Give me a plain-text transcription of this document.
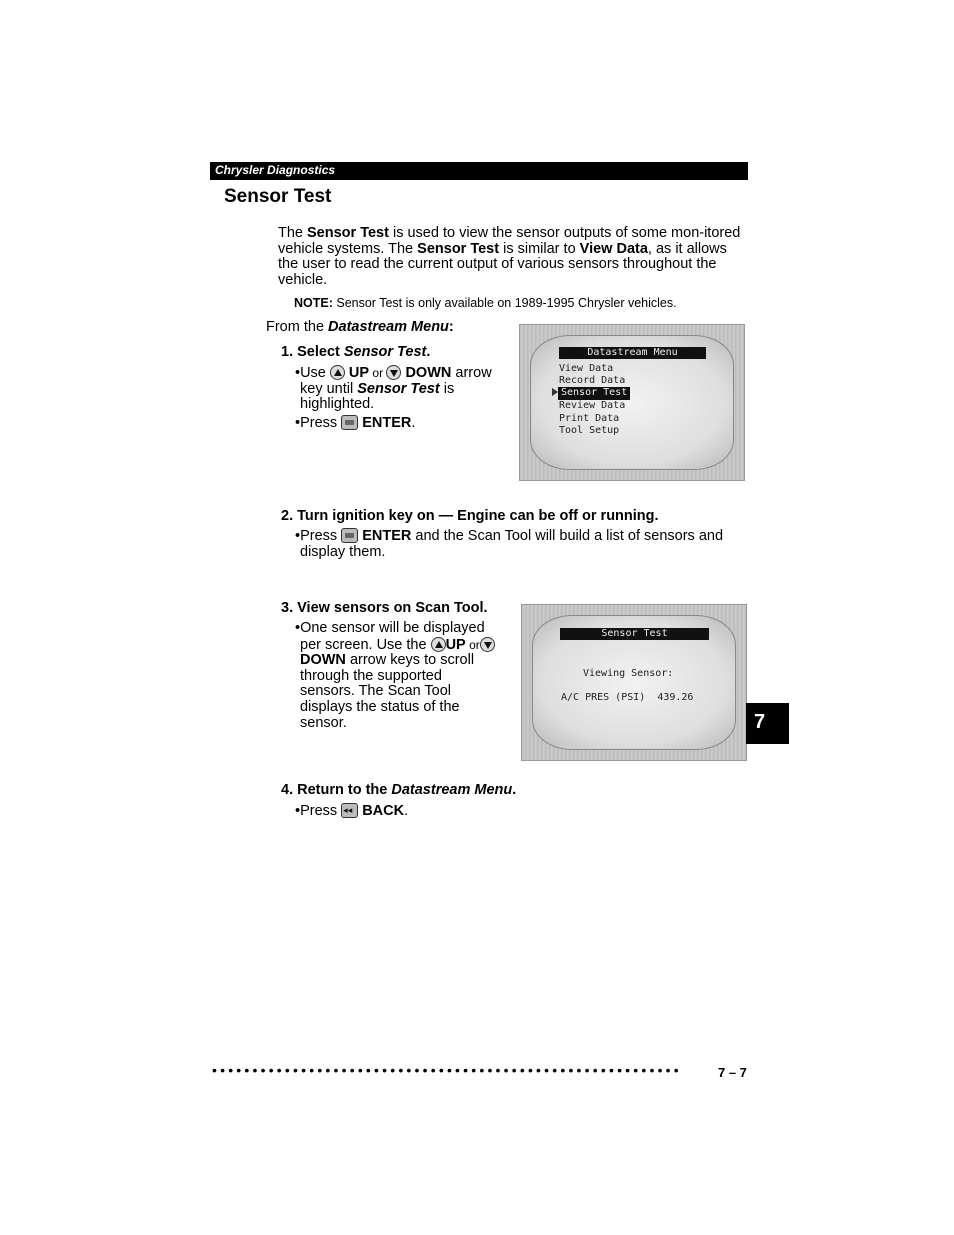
Chrysler Diagnostics
Sensor Test
The Sensor Test is used to view the sensor outputs of some mon-itored vehicle systems. The Sensor Test is similar to View Data, as it allows the user to read the current output of various sensors throughout the vehicle.
NOTE: Sensor Test is only available on 1989-1995 Chrysler vehicles.
From the Datastream Menu:
1. Select Sensor Test.
•Use  UP or  DOWN arrow
key until Sensor Test is
highlighted.
•Press  ENTER.
Datastream Menu
View Data
Record Data
Sensor Test
Review Data
Print Data
Tool Setup
2. Turn ignition key on — Engine can be off or running.
•Press  ENTER and the Scan Tool will build a list of sensors and
display them.
3. View sensors on Scan Tool.
•One sensor will be displayed
per screen. Use the UP or
DOWN arrow keys to scroll
through the supported
sensors. The Scan Tool
displays the status of the
sensor.
Sensor Test
Viewing Sensor:
A/C PRES (PSI)  439.26
4. Return to the Datastream Menu.
•Press ◂◂ BACK.
7
••••••••••••••••••••••••••••••••••••••••••••••••••••••••••	7 – 7
